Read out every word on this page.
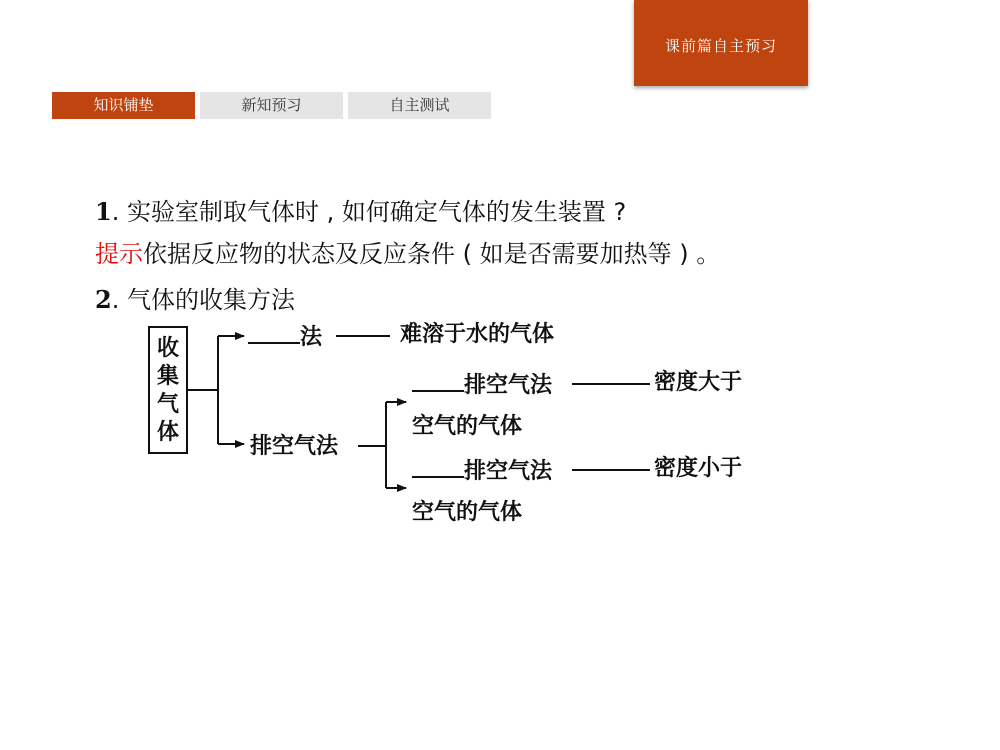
课前篇自主预习
知识铺垫	新知预习	自主测试
1. 实验室制取气体时 , 如何确定气体的发生装置 ?
提示依据反应物的状态及反应条件 ( 如是否需要加热等 ) 。
2. 气体的收集方法
收
集
气
体
法	难溶于水的气体
排空气法
排空气法	密度大于
空气的气体
排空气法	密度小于
空气的气体
